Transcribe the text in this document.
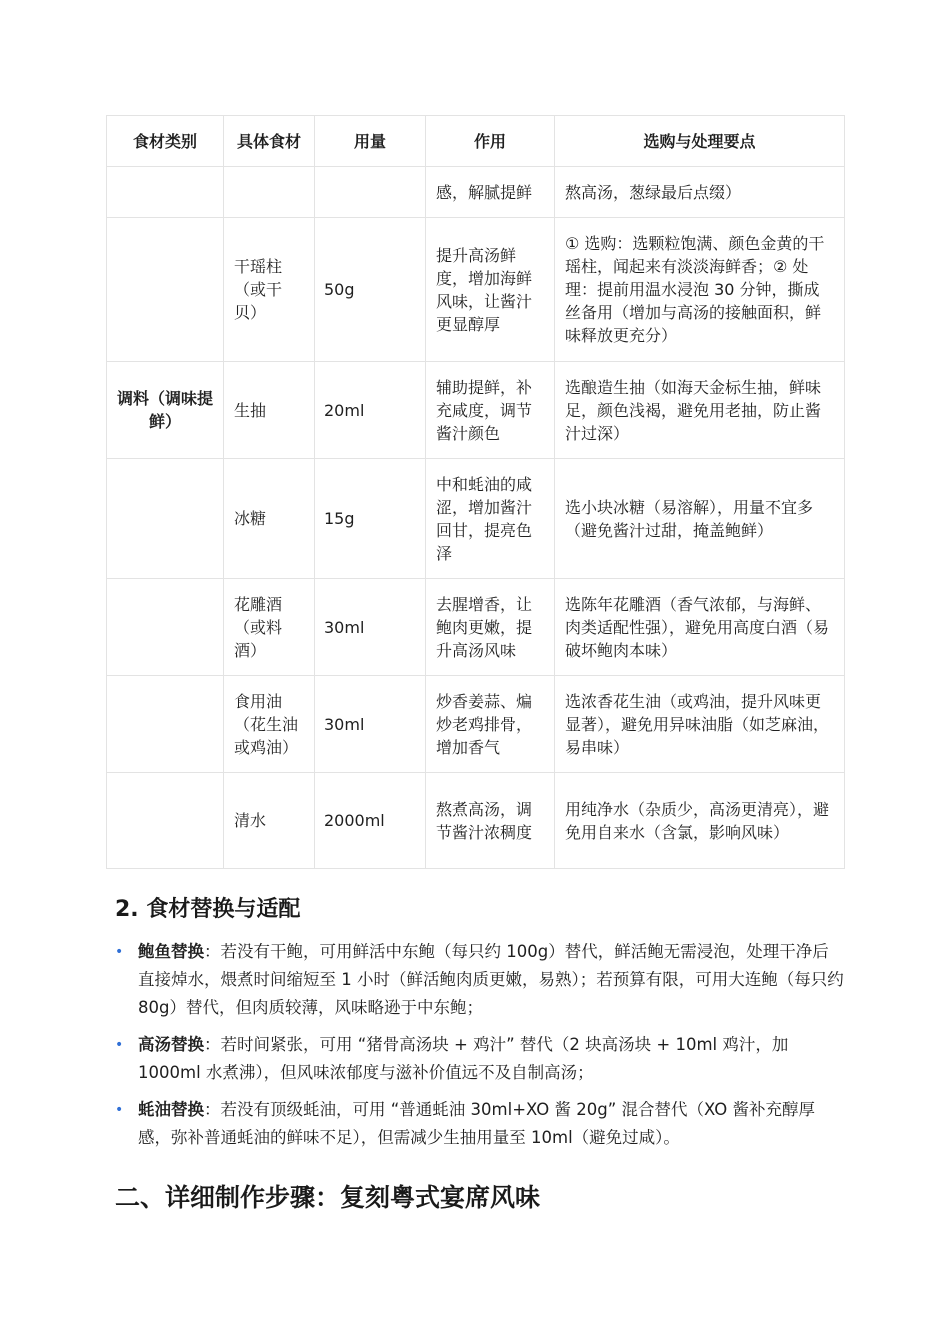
食材类别	具体食材	用量	作用	选购与处理要点
			感，解腻提鲜	熬高汤，葱绿最后点缀）
	干瑶柱（或干贝）	50g	提升高汤鲜度，增加海鲜风味，让酱汁更显醇厚	① 选购：选颗粒饱满、颜色金黄的干瑶柱，闻起来有淡淡海鲜香；② 处理：提前用温水浸泡 30 分钟，撕成丝备用（增加与高汤的接触面积，鲜味释放更充分）
调料（调味提鲜）	生抽	20ml	辅助提鲜，补充咸度，调节酱汁颜色	选酿造生抽（如海天金标生抽，鲜味足，颜色浅褐，避免用老抽，防止酱汁过深）
	冰糖	15g	中和蚝油的咸涩，增加酱汁回甘，提亮色泽	选小块冰糖（易溶解），用量不宜多（避免酱汁过甜，掩盖鲍鲜）
	花雕酒（或料酒）	30ml	去腥增香，让鲍肉更嫩，提升高汤风味	选陈年花雕酒（香气浓郁，与海鲜、肉类适配性强），避免用高度白酒（易破坏鲍肉本味）
	食用油（花生油或鸡油）	30ml	炒香姜蒜、煸炒老鸡排骨，增加香气	选浓香花生油（或鸡油，提升风味更显著），避免用异味油脂（如芝麻油，易串味）
	清水	2000ml	熬煮高汤，调节酱汁浓稠度	用纯净水（杂质少，高汤更清亮），避免用自来水（含氯，影响风味）
2. 食材替换与适配
• 鲍鱼替换：若没有干鲍，可用鲜活中东鲍（每只约 100g）替代，鲜活鲍无需浸泡，处理干净后直接焯水，煨煮时间缩短至 1 小时（鲜活鲍肉质更嫩，易熟）；若预算有限，可用大连鲍（每只约 80g）替代，但肉质较薄，风味略逊于中东鲍；
• 高汤替换：若时间紧张，可用 “猪骨高汤块 + 鸡汁” 替代（2 块高汤块 + 10ml 鸡汁，加 1000ml 水煮沸），但风味浓郁度与滋补价值远不及自制高汤；
• 蚝油替换：若没有顶级蚝油，可用 “普通蚝油 30ml+XO 酱 20g” 混合替代（XO 酱补充醇厚感，弥补普通蚝油的鲜味不足），但需减少生抽用量至 10ml（避免过咸）。
二、详细制作步骤：复刻粤式宴席风味
